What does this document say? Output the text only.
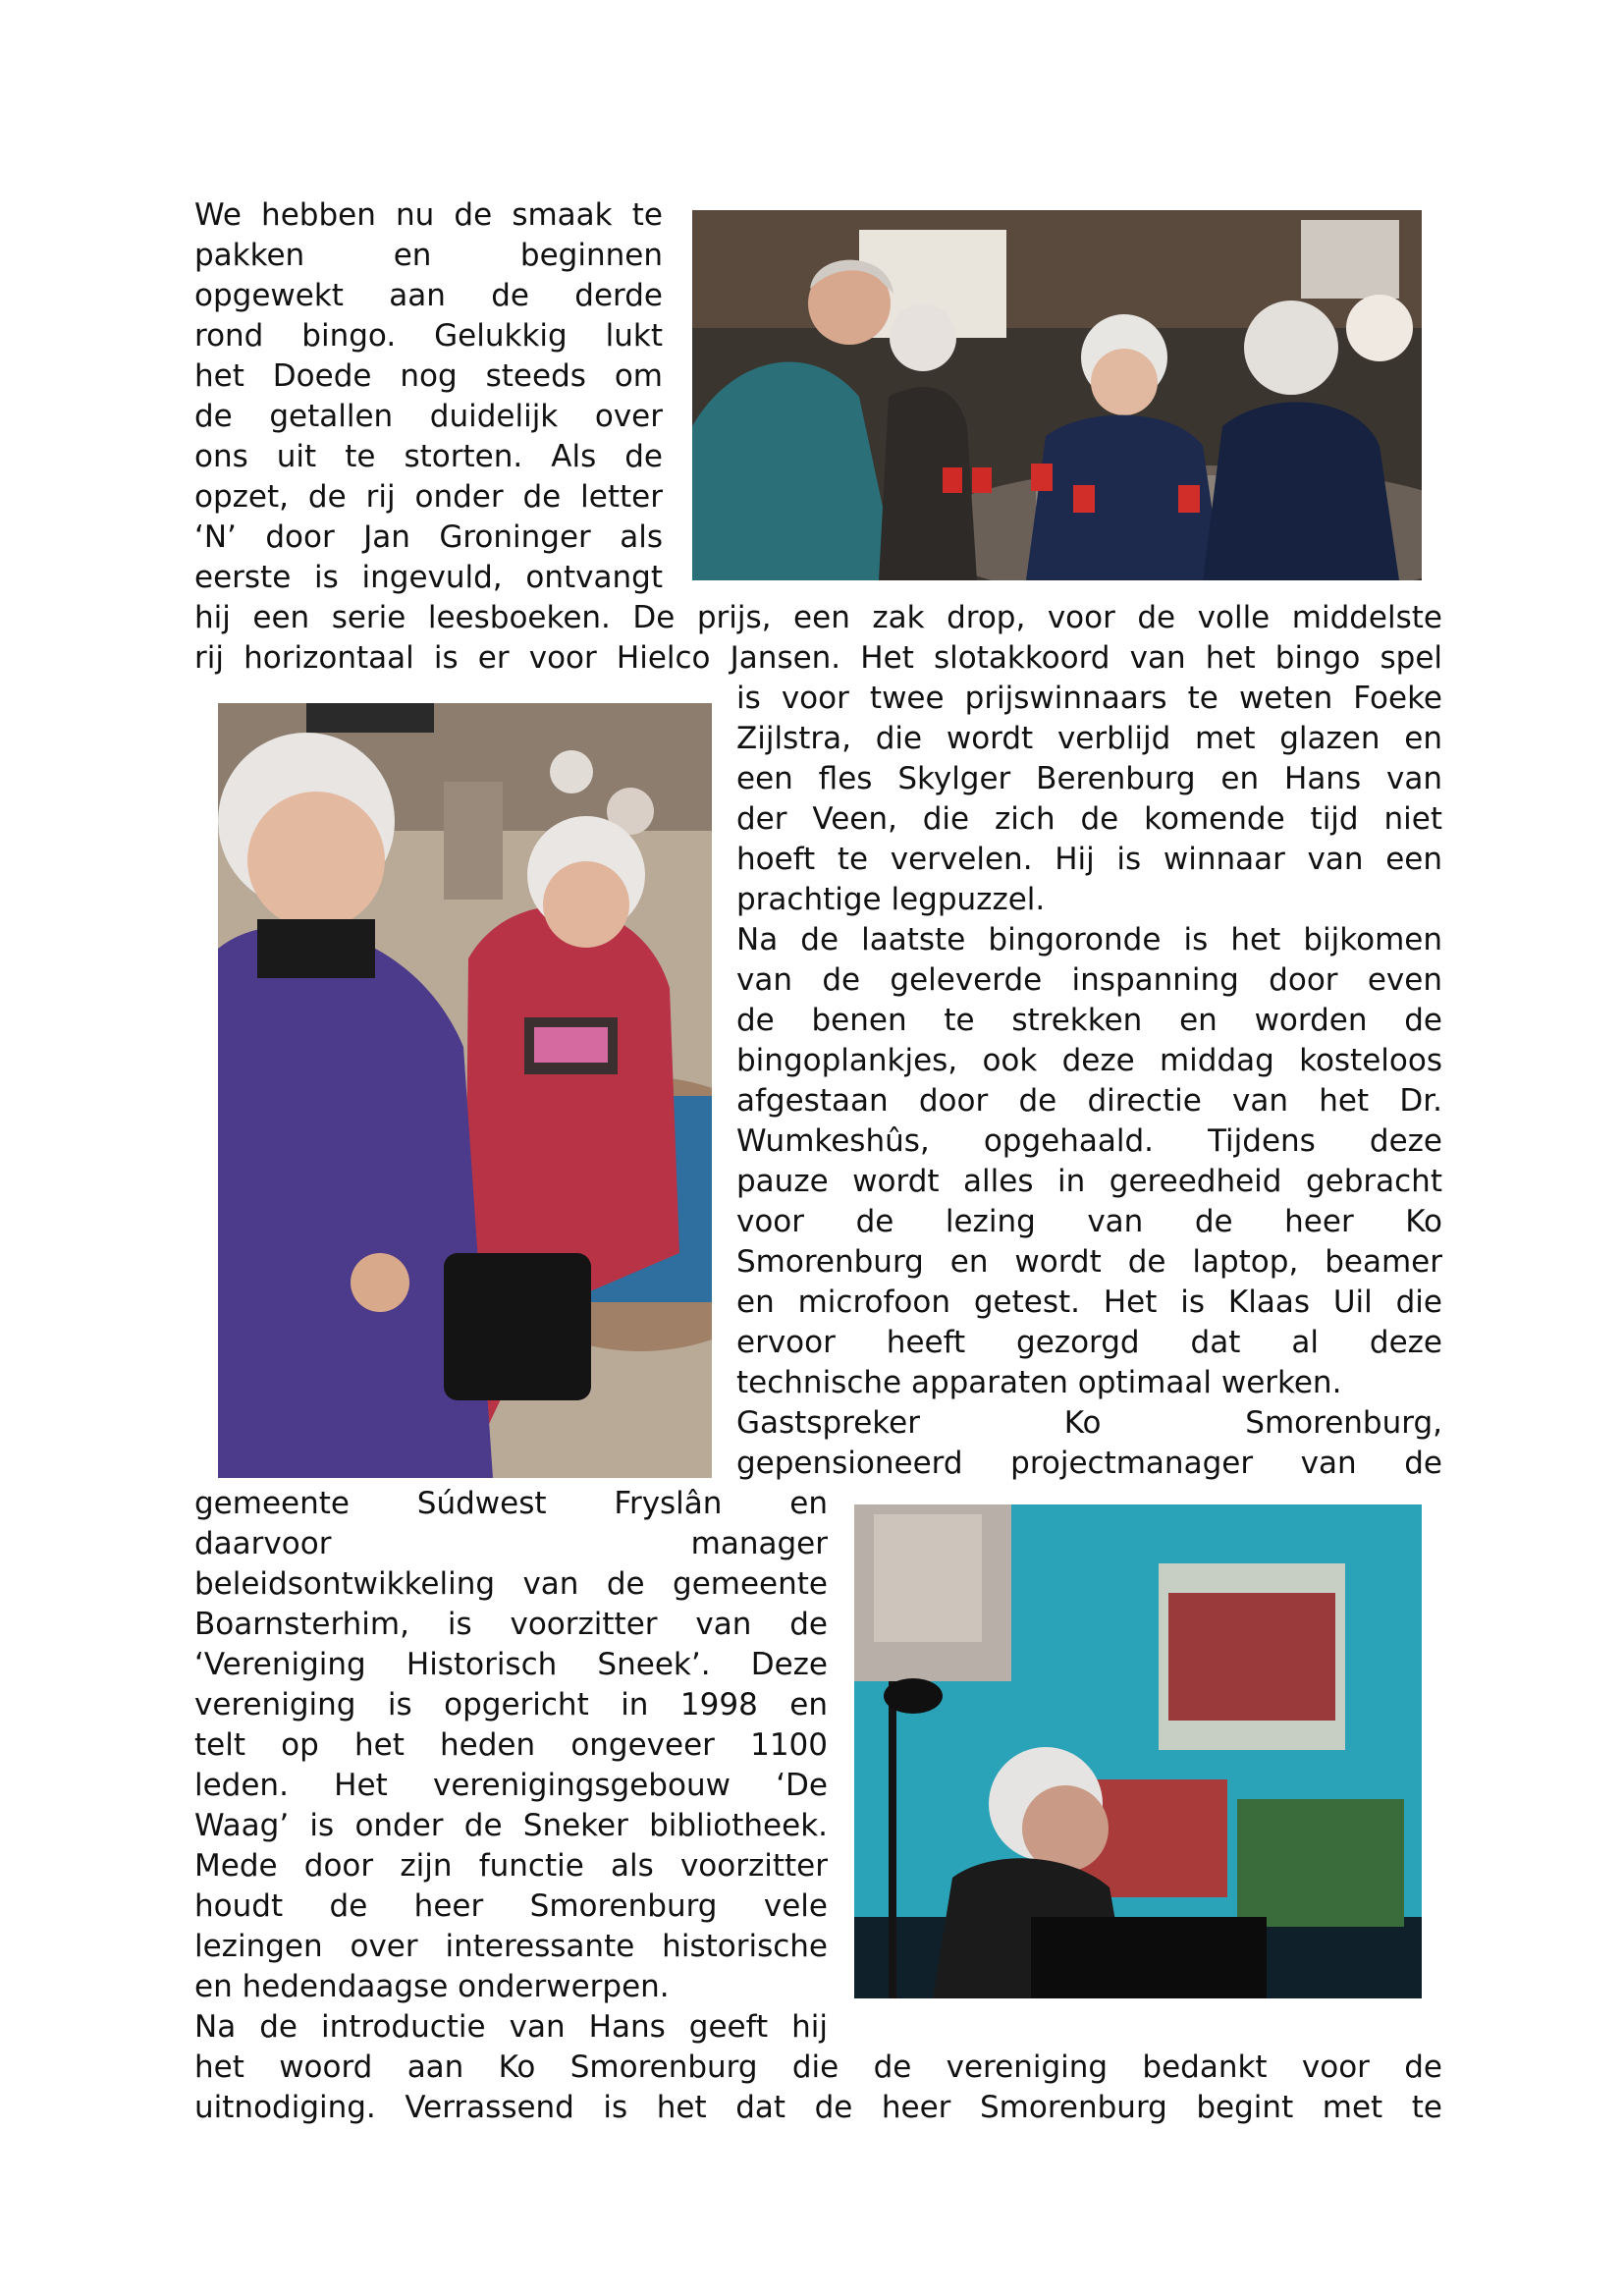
We hebben nu de smaak te
pakken en beginnen
opgewekt aan de derde
rond bingo. Gelukkig lukt
het Doede nog steeds om
de getallen duidelijk over
ons uit te storten. Als de
opzet, de rij onder de letter
‘N’ door Jan Groninger als
eerste is ingevuld, ontvangt
hij een serie leesboeken. De prijs, een zak drop, voor de volle middelste
rij horizontaal is er voor Hielco Jansen. Het slotakkoord van het bingo spel
is voor twee prijswinnaars te weten Foeke
Zijlstra, die wordt verblijd met glazen en
een fles Skylger Berenburg en Hans van
der Veen, die zich de komende tijd niet
hoeft te vervelen. Hij is winnaar van een
prachtige legpuzzel.
Na de laatste bingoronde is het bijkomen
van de geleverde inspanning door even
de benen te strekken en worden de
bingoplankjes, ook deze middag kosteloos
afgestaan door de directie van het Dr.
Wumkeshûs, opgehaald. Tijdens deze
pauze wordt alles in gereedheid gebracht
voor de lezing van de heer Ko
Smorenburg en wordt de laptop, beamer
en microfoon getest. Het is Klaas Uil die
ervoor heeft gezorgd dat al deze
technische apparaten optimaal werken.
Gastspreker Ko Smorenburg,
gepensioneerd projectmanager van de
gemeente Súdwest Fryslân en
daarvoor manager
beleidsontwikkeling van de gemeente
Boarnsterhim, is voorzitter van de
‘Vereniging Historisch Sneek’. Deze
vereniging is opgericht in 1998 en
telt op het heden ongeveer 1100
leden. Het verenigingsgebouw ‘De
Waag’ is onder de Sneker bibliotheek.
Mede door zijn functie als voorzitter
houdt de heer Smorenburg vele
lezingen over interessante historische
en hedendaagse onderwerpen.
Na de introductie van Hans geeft hij
het woord aan Ko Smorenburg die de vereniging bedankt voor de
uitnodiging. Verrassend is het dat de heer Smorenburg begint met te
